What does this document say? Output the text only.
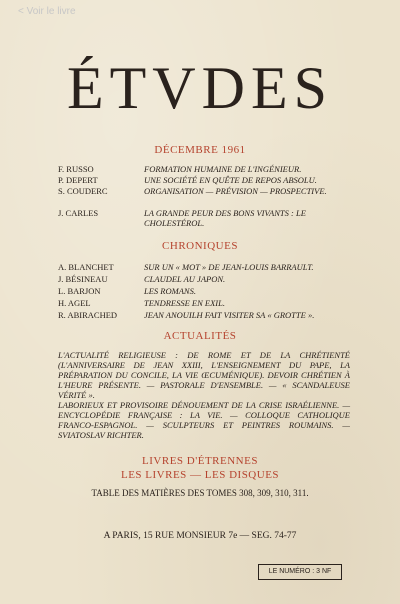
< Voir le livre
ÉTVDES
DÉCEMBRE 1961
F. RUSSO	FORMATION HUMAINE DE L'INGÉNIEUR.
P. DEPERT	UNE SOCIÉTÉ EN QUÊTE DE REPOS ABSOLU.
S. COUDERC	ORGANISATION — PRÉVISION — PROSPECTIVE.
J. CARLES	LA GRANDE PEUR DES BONS VIVANTS : LE CHOLESTÉROL.
CHRONIQUES
A. BLANCHET	SUR UN « MOT » DE JEAN-LOUIS BARRAULT.
J. BÉSINEAU	CLAUDEL AU JAPON.
L. BARJON	LES ROMANS.
H. AGEL	TENDRESSE EN EXIL.
R. ABIRACHED	JEAN ANOUILH FAIT VISITER SA « GROTTE ».
ACTUALITÉS
L'ACTUALITÉ RELIGIEUSE : DE ROME ET DE LA CHRÉTIENTÉ (L'ANNIVERSAIRE DE JEAN XXIII, L'ENSEIGNEMENT DU PAPE, LA PRÉPARATION DU CONCILE, LA VIE ŒCUMÉNIQUE). DEVOIR CHRÉTIEN À L'HEURE PRÉSENTE. — PASTORALE D'ENSEMBLE. — « SCANDALEUSE VÉRITÉ ».
LABORIEUX ET PROVISOIRE DÉNOUEMENT DE LA CRISE ISRAÉLIENNE. — ENCYCLOPÉDIE FRANÇAISE : LA VIE. — COLLOQUE CATHOLIQUE FRANCO-ESPAGNOL. — SCULPTEURS ET PEINTRES ROUMAINS. — SVIATOSLAV RICHTER.
LIVRES D'ÉTRENNES
LES LIVRES — LES DISQUES
TABLE DES MATIÈRES DES TOMES 308, 309, 310, 311.
A PARIS, 15 RUE MONSIEUR 7e — SEG. 74-77
LE NUMÉRO : 3 NF
